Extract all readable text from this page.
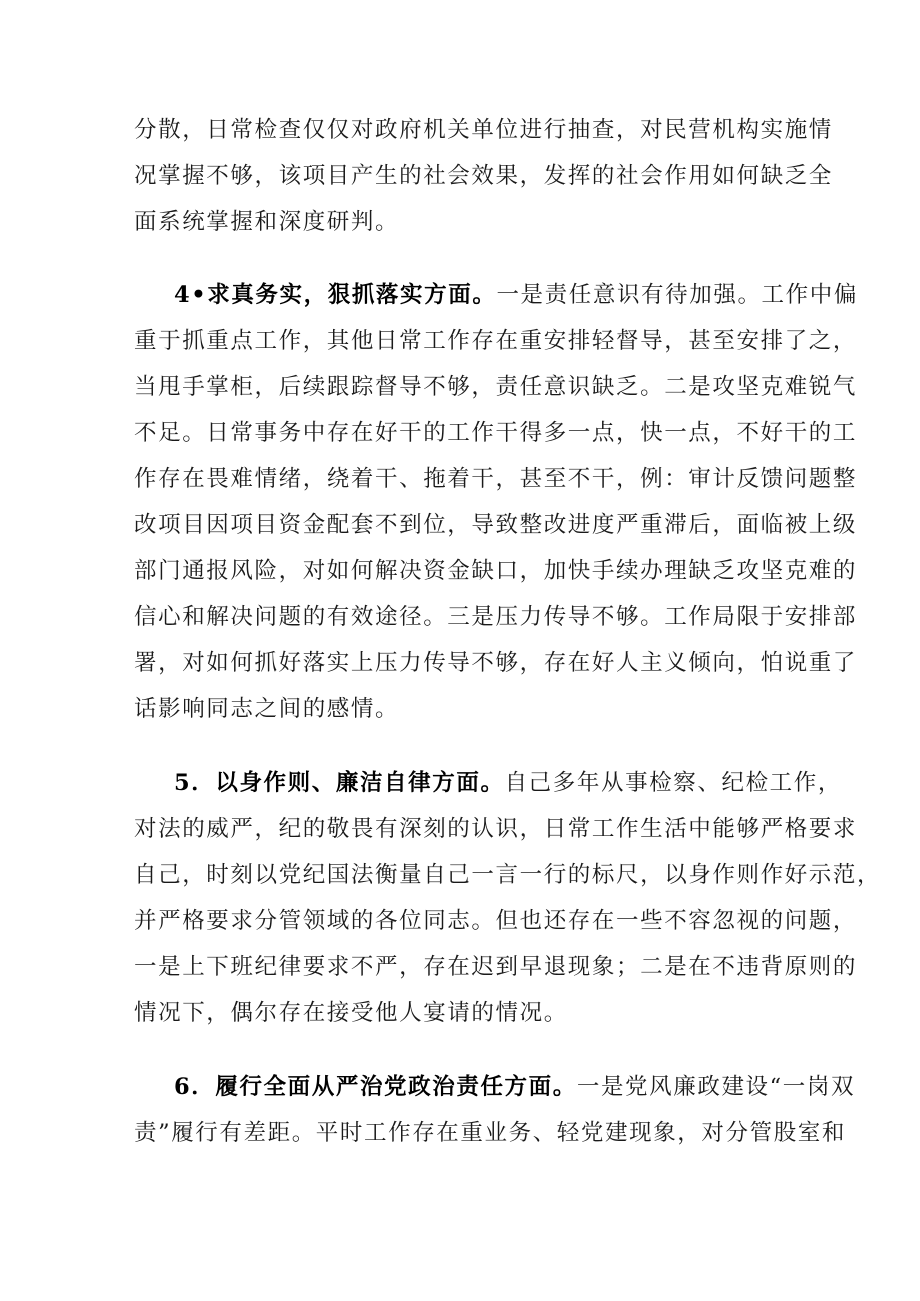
分散，日常检查仅仅对政府机关单位进行抽查，对民营机构实施情
况掌握不够，该项目产生的社会效果，发挥的社会作用如何缺乏全
面系统掌握和深度研判。
4•求真务实，狠抓落实方面。一是责任意识有待加强。工作中偏
重于抓重点工作，其他日常工作存在重安排轻督导，甚至安排了之，
当甩手掌柜，后续跟踪督导不够，责任意识缺乏。二是攻坚克难锐气
不足。日常事务中存在好干的工作干得多一点，快一点，不好干的工
作存在畏难情绪，绕着干、拖着干，甚至不干，例：审计反馈问题整
改项目因项目资金配套不到位，导致整改进度严重滞后，面临被上级
部门通报风险，对如何解决资金缺口，加快手续办理缺乏攻坚克难的
信心和解决问题的有效途径。三是压力传导不够。工作局限于安排部
署，对如何抓好落实上压力传导不够，存在好人主义倾向，怕说重了
话影响同志之间的感情。
5．以身作则、廉洁自律方面。自己多年从事检察、纪检工作，
对法的威严，纪的敬畏有深刻的认识，日常工作生活中能够严格要求
自己，时刻以党纪国法衡量自己一言一行的标尺，以身作则作好示范，
并严格要求分管领域的各位同志。但也还存在一些不容忽视的问题，
一是上下班纪律要求不严，存在迟到早退现象；二是在不违背原则的
情况下，偶尔存在接受他人宴请的情况。
6．履行全面从严治党政治责任方面。一是党风廉政建设“一岗双
责”履行有差距。平时工作存在重业务、轻党建现象，对分管股室和
